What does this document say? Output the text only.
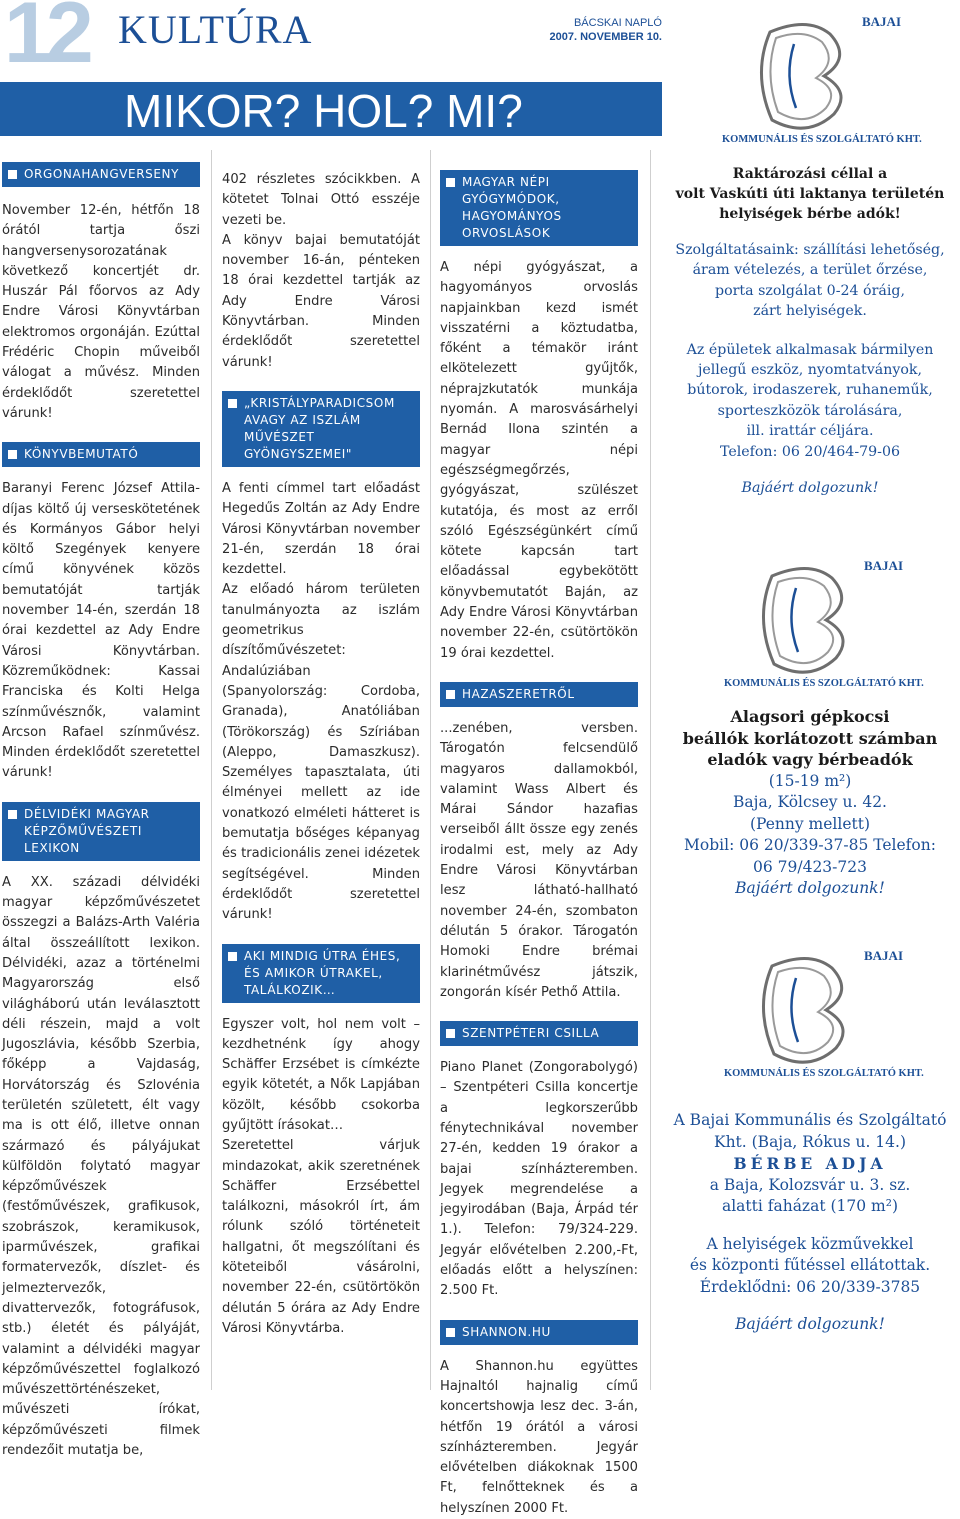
12 KULTÚRA	BÁCSKAI NAPLÓ
2007. NOVEMBER 10.
MIKOR? HOL? MI?
ORGONAHANGVERSENY

November 12-én, hétfőn 18 órától tartja őszi hangversenysorozatának következő koncertjét dr. Huszár Pál főorvos az Ady Endre Városi Könyvtárban elektromos orgonáján. Ezúttal Frédéric Chopin műveiből válogat a művész. Minden érdeklődőt szeretettel várunk!

KÖNYVBEMUTATÓ

Baranyi Ferenc József Attila-díjas költő új verseskötetének és Kormányos Gábor helyi költő Szegények kenyere című könyvének közös bemutatóját tartják november 14-én, szerdán 18 órai kezdettel az Ady Endre Városi Könyvtárban. Közreműködnek: Kassai Franciska és Kolti Helga színművésznők, valamint Arcson Rafael színművész. Minden érdeklődőt szeretettel várunk!

DÉLVIDÉKI MAGYAR KÉPZŐMŰVÉSZETI LEXIKON

A XX. századi délvidéki magyar képzőművészetet összegzi a Balázs-Arth Valéria által összeállított lexikon. Délvidéki, azaz a történelmi Magyarország első világháború után leválasztott déli részein, majd a volt Jugoszlávia, később Szerbia, főképp a Vajdaság, Horvátország és Szlovénia területén született, élt vagy ma is ott élő, illetve onnan származó és pályájukat külföldön folytató magyar képzőművészek (festőművészek, grafikusok, szobrászok, keramikusok, iparművészek, grafikai formatervezők, díszlet- és jelmeztervezők, divattervezők, fotográfusok, stb.) életét és pályáját, valamint a délvidéki magyar képzőművészettel foglalkozó művészettörténészeket, művészeti írókat, képzőművészeti filmek rendezőit mutatja be,

402 részletes szócikkben. A kötetet Tolnai Ottó esszéje vezeti be.

A könyv bajai bemutatóját november 16-án, pénteken 18 órai kezdettel tartják az Ady Endre Városi Könyvtárban. Minden érdeklődőt szeretettel várunk!

„KRISTÁLYPARADICSOM AVAGY AZ ISZLÁM MŰVÉSZET GYÖNGYSZEMEI"

A fenti címmel tart előadást Hegedűs Zoltán az Ady Endre Városi Könyvtárban november 21-én, szerdán 18 órai kezdettel.

Az előadó három területen tanulmányozta az iszlám geometrikus díszítőművészetet: Andalúziában (Spanyolország: Cordoba, Granada), Anatóliában (Törökország) és Szíriában (Aleppo, Damaszkusz). Személyes tapasztalata, úti élményei mellett az ide vonatkozó elméleti hátteret is bemutatja bőséges képanyag és tradicionális zenei idézetek segítségével. Minden érdeklődőt szeretettel várunk!

AKI MINDIG ÚTRA ÉHES, ÉS AMIKOR ÚTRAKEL, TALÁLKOZIK…

Egyszer volt, hol nem volt – kezdhetnénk így ahogy Schäffer Erzsébet is címkézte egyik kötetét, a Nők Lapjában közölt, később csokorba gyűjtött írásokat…

Szeretettel várjuk mindazokat, akik szeretnének Schäffer Erzsébettel találkozni, másokról írt, ám rólunk szóló történeteit hallgatni, őt megszólítani és köteteiből vásárolni, november 22-én, csütörtökön délután 5 órára az Ady Endre Városi Könyvtárba.

MAGYAR NÉPI GYÓGYMÓDOK, HAGYOMÁNYOS ORVOSLÁSOK

A népi gyógyászat, a hagyományos orvoslás napjainkban kezd ismét visszatérni a köztudatba, főként a témakör iránt elkötelezett gyűjtők, néprajzkutatók munkája nyomán. A marosvásárhelyi Bernád Ilona szintén a magyar népi egészségmegőrzés, gyógyászat, szülészet kutatója, és most az erről szóló Egészségünkért című kötete kapcsán tart előadással egybekötött könyvbemutatót Baján, az Ady Endre Városi Könyvtárban november 22-én, csütörtökön 19 órai kezdettel.

HAZASZERETRŐL

...zenében, versben. Tárogatón felcsendülő magyaros dallamokból, valamint Wass Albert és Márai Sándor hazafias verseiből állt össze egy zenés irodalmi est, mely az Ady Endre Városi Könyvtárban lesz látható-hallható november 24-én, szombaton délután 5 órakor. Tárogatón Homoki Endre brémai klarinétművész játszik, zongorán kísér Pethő Attila.

SZENTPÉTERI CSILLA

Piano Planet (Zongorabolygó) – Szentpéteri Csilla koncertje a legkorszerűbb fénytechnikával november 27-én, kedden 19 órakor a bajai színházteremben. Jegyek megrendelése a jegyirodában (Baja, Árpád tér 1.). Telefon: 79/324-229. Jegyár elővételben 2.200,-Ft, előadás előtt a helyszínen: 2.500 Ft.

SHANNON.HU

A Shannon.hu együttes Hajnaltól hajnalig című koncertshowja lesz dec. 3-án, hétfőn 19 órától a városi színházteremben. Jegyár elővételben diákoknak 1500 Ft, felnőtteknek és a helyszínen 2000 Ft.

BAJAI
KOMMUNÁLIS ÉS SZOLGÁLTATÓ KHT.
Raktározási céllal a
volt Vaskúti úti laktanya területén
helyiségek bérbe adók!
Szolgáltatásaink: szállítási lehetőség,
áram vételezés, a terület őrzése,
porta szolgálat 0-24 óráig,
zárt helyiségek.
Az épületek alkalmasak bármilyen
jellegű eszköz, nyomtatványok,
bútorok, irodaszerek, ruhaneműk,
sporteszközök tárolására,
ill. irattár céljára.
Telefon: 06 20/464-79-06
Bajáért dolgozunk!
BAJAI
KOMMUNÁLIS ÉS SZOLGÁLTATÓ KHT.
Alagsori gépkocsi
beállók korlátozott számban
eladók vagy bérbeadók
(15-19 m²)
Baja, Kölcsey u. 42.
(Penny mellett)
Mobil: 06 20/339-37-85 Telefon:
06 79/423-723
Bajáért dolgozunk!
BAJAI
KOMMUNÁLIS ÉS SZOLGÁLTATÓ KHT.
A Bajai Kommunális és Szolgáltató
Kht. (Baja, Rókus u. 14.)
BÉRBE ADJA
a Baja, Kolozsvár u. 3. sz.
alatti faházat (170 m²)
A helyiségek közművekkel
és központi fűtéssel ellátottak.
Érdeklődni: 06 20/339-3785
Bajáért dolgozunk!
